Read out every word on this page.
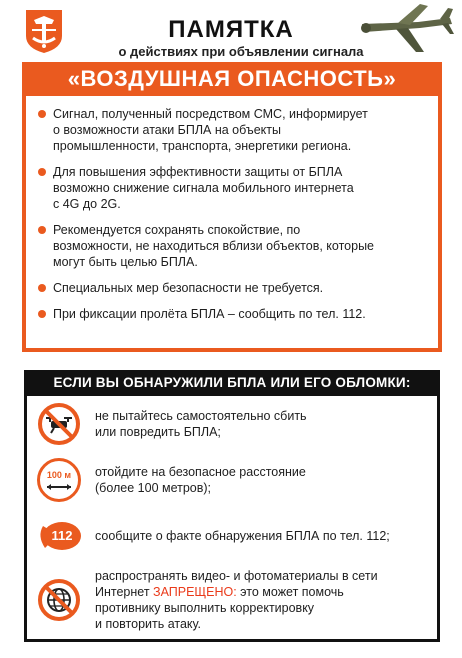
ПАМЯТКА
о действиях при объявлении сигнала
«ВОЗДУШНАЯ ОПАСНОСТЬ»
Сигнал, полученный посредством СМС, информирует
о возможности атаки БПЛА на объекты
промышленности, транспорта, энергетики региона.
Для повышения эффективности защиты от БПЛА
возможно снижение сигнала мобильного интернета
с 4G до 2G.
Рекомендуется сохранять спокойствие, по
возможности, не находиться вблизи объектов, которые
могут быть целью БПЛА.
Специальных мер безопасности не требуется.
При фиксации пролёта БПЛА – сообщить по тел. 112.
ЕСЛИ ВЫ ОБНАРУЖИЛИ БПЛА ИЛИ ЕГО ОБЛОМКИ:
не пытайтесь самостоятельно сбить
или повредить БПЛА;
100 м	отойдите на безопасное расстояние
(более 100 метров);
112	сообщите о факте обнаружения БПЛА по тел. 112;
распространять видео- и фотоматериалы в сети
Интернет ЗАПРЕЩЕНО: это может помочь
противнику выполнить корректировку
и повторить атаку.
